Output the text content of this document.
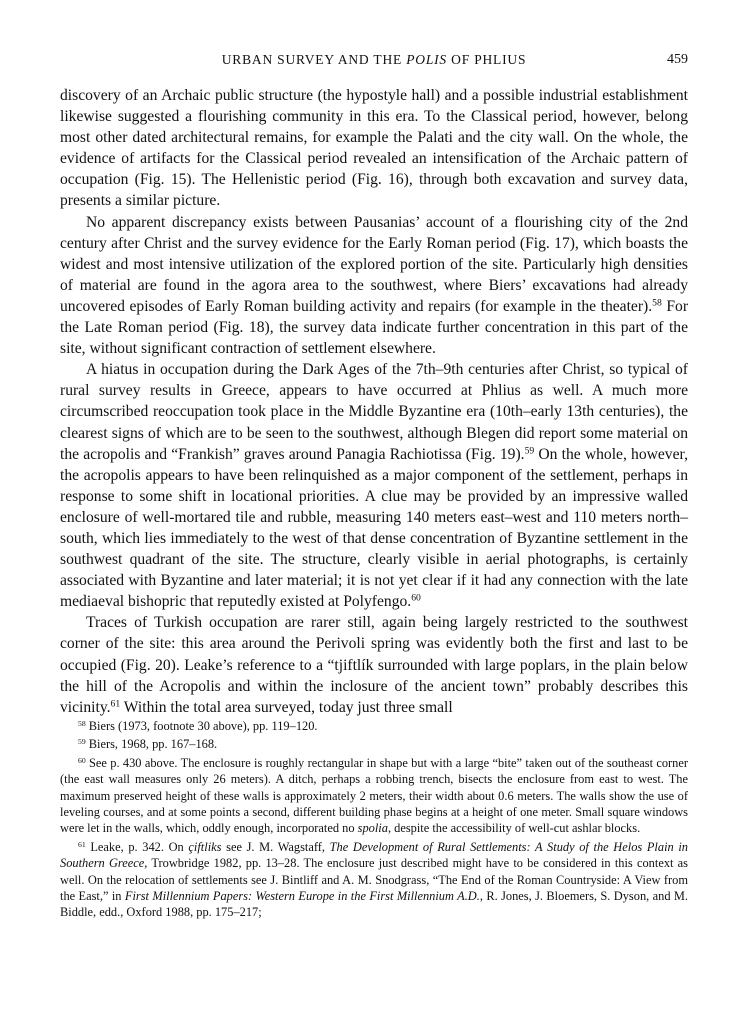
URBAN SURVEY AND THE POLIS OF PHLIUS	459

discovery of an Archaic public structure (the hypostyle hall) and a possible industrial establishment likewise suggested a flourishing community in this era. To the Classical period, however, belong most other dated architectural remains, for example the Palati and the city wall. On the whole, the evidence of artifacts for the Classical period revealed an intensification of the Archaic pattern of occupation (Fig. 15). The Hellenistic period (Fig. 16), through both excavation and survey data, presents a similar picture.

No apparent discrepancy exists between Pausanias’ account of a flourishing city of the 2nd century after Christ and the survey evidence for the Early Roman period (Fig. 17), which boasts the widest and most intensive utilization of the explored portion of the site. Particularly high densities of material are found in the agora area to the southwest, where Biers’ excavations had already uncovered episodes of Early Roman building activity and repairs (for example in the theater).$^{58}$ For the Late Roman period (Fig. 18), the survey data indicate further concentration in this part of the site, without significant contraction of settlement elsewhere.

A hiatus in occupation during the Dark Ages of the 7th–9th centuries after Christ, so typical of rural survey results in Greece, appears to have occurred at Phlius as well. A much more circumscribed reoccupation took place in the Middle Byzantine era (10th–early 13th centuries), the clearest signs of which are to be seen to the southwest, although Blegen did report some material on the acropolis and “Frankish” graves around Panagia Rachiotissa (Fig. 19).$^{59}$ On the whole, however, the acropolis appears to have been relinquished as a major component of the settlement, perhaps in response to some shift in locational priorities. A clue may be provided by an impressive walled enclosure of well-mortared tile and rubble, measuring 140 meters east–west and 110 meters north–south, which lies immediately to the west of that dense concentration of Byzantine settlement in the southwest quadrant of the site. The structure, clearly visible in aerial photographs, is certainly associated with Byzantine and later material; it is not yet clear if it had any connection with the late mediaeval bishopric that reputedly existed at Polyfengo.$^{60}$

Traces of Turkish occupation are rarer still, again being largely restricted to the southwest corner of the site: this area around the Perivoli spring was evidently both the first and last to be occupied (Fig. 20). Leake’s reference to a “tjiftlík surrounded with large poplars, in the plain below the hill of the Acropolis and within the inclosure of the ancient town” probably describes this vicinity.$^{61}$ Within the total area surveyed, today just three small

$^{58}$ Biers (1973, footnote 30 above), pp. 119–120.

$^{59}$ Biers, 1968, pp. 167–168.

$^{60}$ See p. 430 above. The enclosure is roughly rectangular in shape but with a large “bite” taken out of the southeast corner (the east wall measures only 26 meters). A ditch, perhaps a robbing trench, bisects the enclosure from east to west. The maximum preserved height of these walls is approximately 2 meters, their width about 0.6 meters. The walls show the use of leveling courses, and at some points a second, different building phase begins at a height of one meter. Small square windows were let in the walls, which, oddly enough, incorporated no spolia, despite the accessibility of well-cut ashlar blocks.

$^{61}$ Leake, p. 342. On çiftliks see J. M. Wagstaff, The Development of Rural Settlements: A Study of the Helos Plain in Southern Greece, Trowbridge 1982, pp. 13–28. The enclosure just described might have to be considered in this context as well. On the relocation of settlements see J. Bintliff and A. M. Snodgrass, “The End of the Roman Countryside: A View from the East,” in First Millennium Papers: Western Europe in the First Millennium A.D., R. Jones, J. Bloemers, S. Dyson, and M. Biddle, edd., Oxford 1988, pp. 175–217;
